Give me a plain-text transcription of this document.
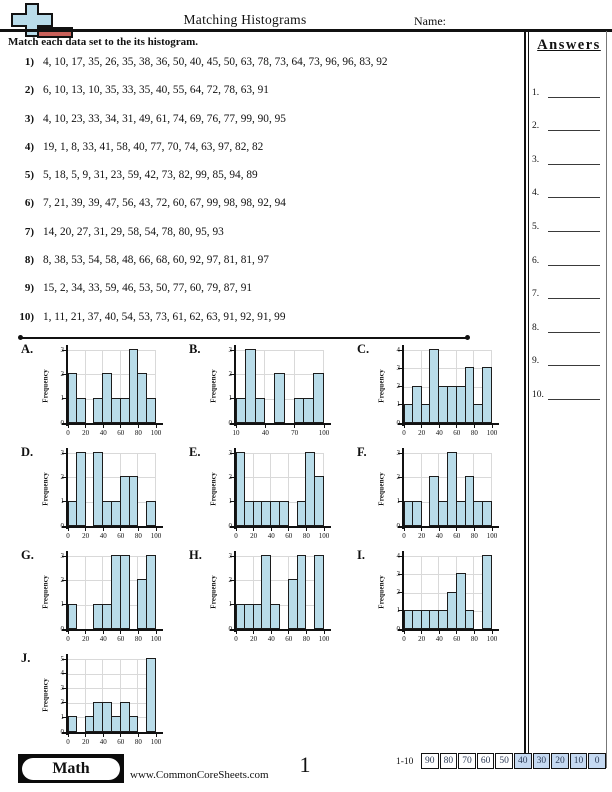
Matching Histograms	Name:
Match each data set to the its histogram.
1) 4, 10, 17, 35, 26, 35, 38, 36, 50, 40, 45, 50, 63, 78, 73, 64, 73, 96, 96, 83, 92
2) 6, 10, 13, 10, 35, 33, 35, 40, 55, 64, 72, 78, 63, 91
3) 4, 10, 23, 33, 34, 31, 49, 61, 74, 69, 76, 77, 99, 90, 95
4) 19, 1, 8, 33, 41, 58, 40, 77, 70, 74, 63, 97, 82, 82
5) 5, 18, 5, 9, 31, 23, 59, 42, 73, 82, 99, 85, 94, 89
6) 7, 21, 39, 39, 47, 56, 43, 72, 60, 67, 99, 98, 98, 92, 94
7) 14, 20, 27, 31, 29, 58, 54, 78, 80, 95, 93
8) 8, 38, 53, 54, 58, 48, 66, 68, 60, 92, 97, 81, 81, 97
9) 15, 2, 34, 33, 59, 46, 53, 50, 77, 60, 79, 87, 91
10) 1, 11, 21, 37, 40, 54, 53, 73, 61, 62, 63, 91, 92, 91, 99
A.
0
1
2
3
0	20	40	60	80	100
Frequency
B.
0
1
2
3
10	40	70	100
Frequency
C.
0
1
2
3
4
0	20	40	60	80	100
Frequency
D.
0
1
2
3
0	20	40	60	80	100
Frequency
E.
0
1
2
3
0	20	40	60	80	100
Frequency
F.
0
1
2
3
0	20	40	60	80	100
Frequency
G.
0
1
2
3
0	20	40	60	80	100
Frequency
H.
0
1
2
3
0	20	40	60	80	100
Frequency
I.
0
1
2
3
4
0	20	40	60	80	100
Frequency
J.
0
1
2
3
4
5
0	20	40	60	80	100
Frequency
Answers
1.
2.
3.
4.
5.
6.
7.
8.
9.
10.
Math	www.CommonCoreSheets.com	1	1-10	90 80 70 60 50 40 30 20 10	0
